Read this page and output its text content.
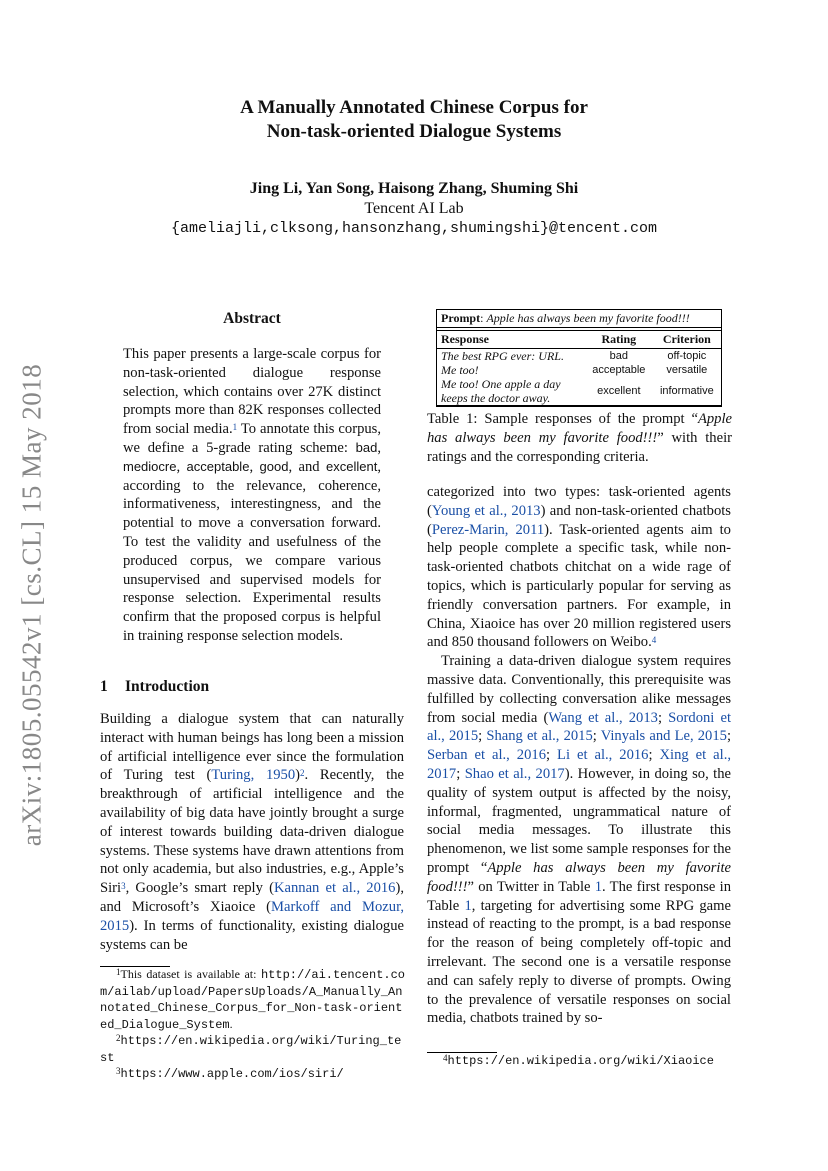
arXiv:1805.05542v1 [cs.CL] 15 May 2018
A Manually Annotated Chinese Corpus for
Non-task-oriented Dialogue Systems
Jing Li, Yan Song, Haisong Zhang, Shuming Shi
Tencent AI Lab
{ameliajli,clksong,hansonzhang,shumingshi}@tencent.com
Abstract
This paper presents a large-scale corpus for non-task-oriented dialogue response selection, which contains over 27K distinct prompts more than 82K responses collected from social media.$^1$ To annotate this corpus, we define a 5-grade rating scheme: bad, mediocre, acceptable, good, and excellent, according to the relevance, coherence, informativeness, interestingness, and the potential to move a conversation forward. To test the validity and usefulness of the produced corpus, we compare various unsupervised and supervised models for response selection. Experimental results confirm that the proposed corpus is helpful in training response selection models.
1 Introduction

Building a dialogue system that can naturally interact with human beings has long been a mission of artificial intelligence ever since the formulation of Turing test (Turing, 1950)$^2$. Recently, the breakthrough of artificial intelligence and the availability of big data have jointly brought a surge of interest towards building data-driven dialogue systems. These systems have drawn attentions from not only academia, but also industries, e.g., Apple’s Siri$^3$, Google’s smart reply (Kannan et al., 2016), and Microsoft’s Xiaoice (Markoff and Mozur, 2015). In terms of functionality, existing dialogue systems can be

$^1$This dataset is available at: http://ai.tencent.com/ailab/upload/PapersUploads/A_Manually_Annotated_Chinese_Corpus_for_Non-task-oriented_Dialogue_System.
$^2$https://en.wikipedia.org/wiki/Turing_test
$^3$https://www.apple.com/ios/siri/
Prompt: Apple has always been my favorite food!!!
Response	Rating	Criterion
The best RPG ever: URL.	bad	off-topic
Me too!	acceptable	versatile
Me too! One apple a day keeps the doctor away.	excellent	informative
Table 1: Sample responses of the prompt “Apple has always been my favorite food!!!” with their ratings and the corresponding criteria.

categorized into two types: task-oriented agents (Young et al., 2013) and non-task-oriented chatbots (Perez-Marin, 2011). Task-oriented agents aim to help people complete a specific task, while non-task-oriented chatbots chitchat on a wide rage of topics, which is particularly popular for serving as friendly conversation partners. For example, in China, Xiaoice has over 20 million registered users and 850 thousand followers on Weibo.$^4$

Training a data-driven dialogue system requires massive data. Conventionally, this prerequisite was fulfilled by collecting conversation alike messages from social media (Wang et al., 2013; Sordoni et al., 2015; Shang et al., 2015; Vinyals and Le, 2015; Serban et al., 2016; Li et al., 2016; Xing et al., 2017; Shao et al., 2017). However, in doing so, the quality of system output is affected by the noisy, informal, fragmented, ungrammatical nature of social media messages. To illustrate this phenomenon, we list some sample responses for the prompt “Apple has always been my favorite food!!!” on Twitter in Table 1. The first response in Table 1, targeting for advertising some RPG game instead of reacting to the prompt, is a bad response for the reason of being completely off-topic and irrelevant. The second one is a versatile response and can safely reply to diverse of prompts. Owing to the prevalence of versatile responses on social media, chatbots trained by so-

$^4$https://en.wikipedia.org/wiki/Xiaoice
